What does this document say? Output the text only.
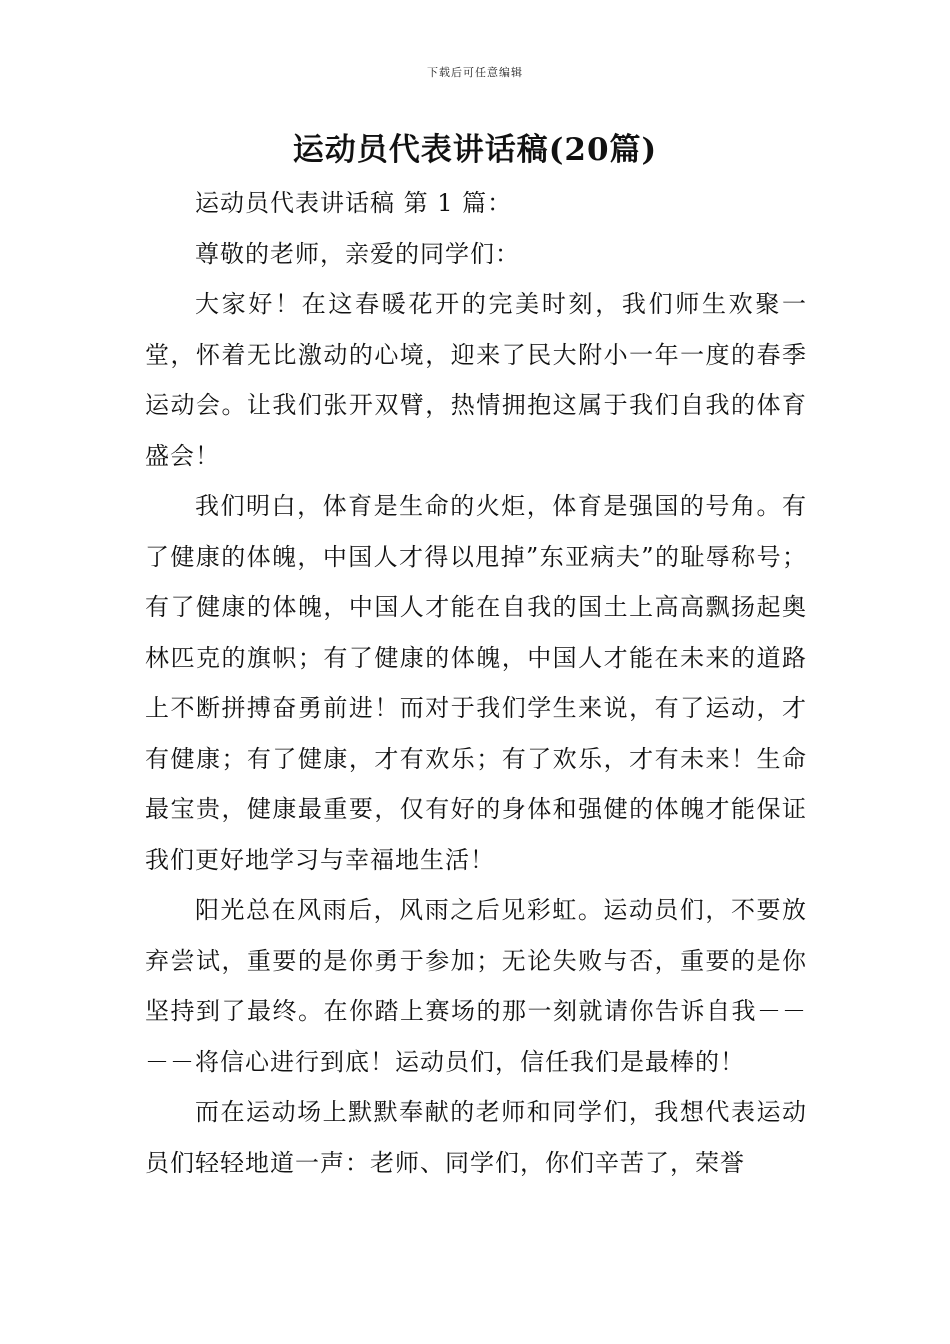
下载后可任意编辑
运动员代表讲话稿(20篇)

运动员代表讲话稿 第 1 篇：

尊敬的老师，亲爱的同学们：

大家好！在这春暖花开的完美时刻，我们师生欢聚一堂，怀着无比激动的心境，迎来了民大附小一年一度的春季运动会。让我们张开双臂，热情拥抱这属于我们自我的体育盛会！

我们明白，体育是生命的火炬，体育是强国的号角。有了健康的体魄，中国人才得以甩掉”东亚病夫”的耻辱称号；有了健康的体魄，中国人才能在自我的国土上高高飘扬起奥林匹克的旗帜；有了健康的体魄，中国人才能在未来的道路上不断拼搏奋勇前进！而对于我们学生来说，有了运动，才有健康；有了健康，才有欢乐；有了欢乐，才有未来！生命最宝贵，健康最重要，仅有好的身体和强健的体魄才能保证我们更好地学习与幸福地生活！

阳光总在风雨后，风雨之后见彩虹。运动员们，不要放弃尝试，重要的是你勇于参加；无论失败与否，重要的是你坚持到了最终。在你踏上赛场的那一刻就请你告诉自我－－－－将信心进行到底！运动员们，信任我们是最棒的！

而在运动场上默默奉献的老师和同学们，我想代表运动员们轻轻地道一声：老师、同学们，你们辛苦了，荣誉
